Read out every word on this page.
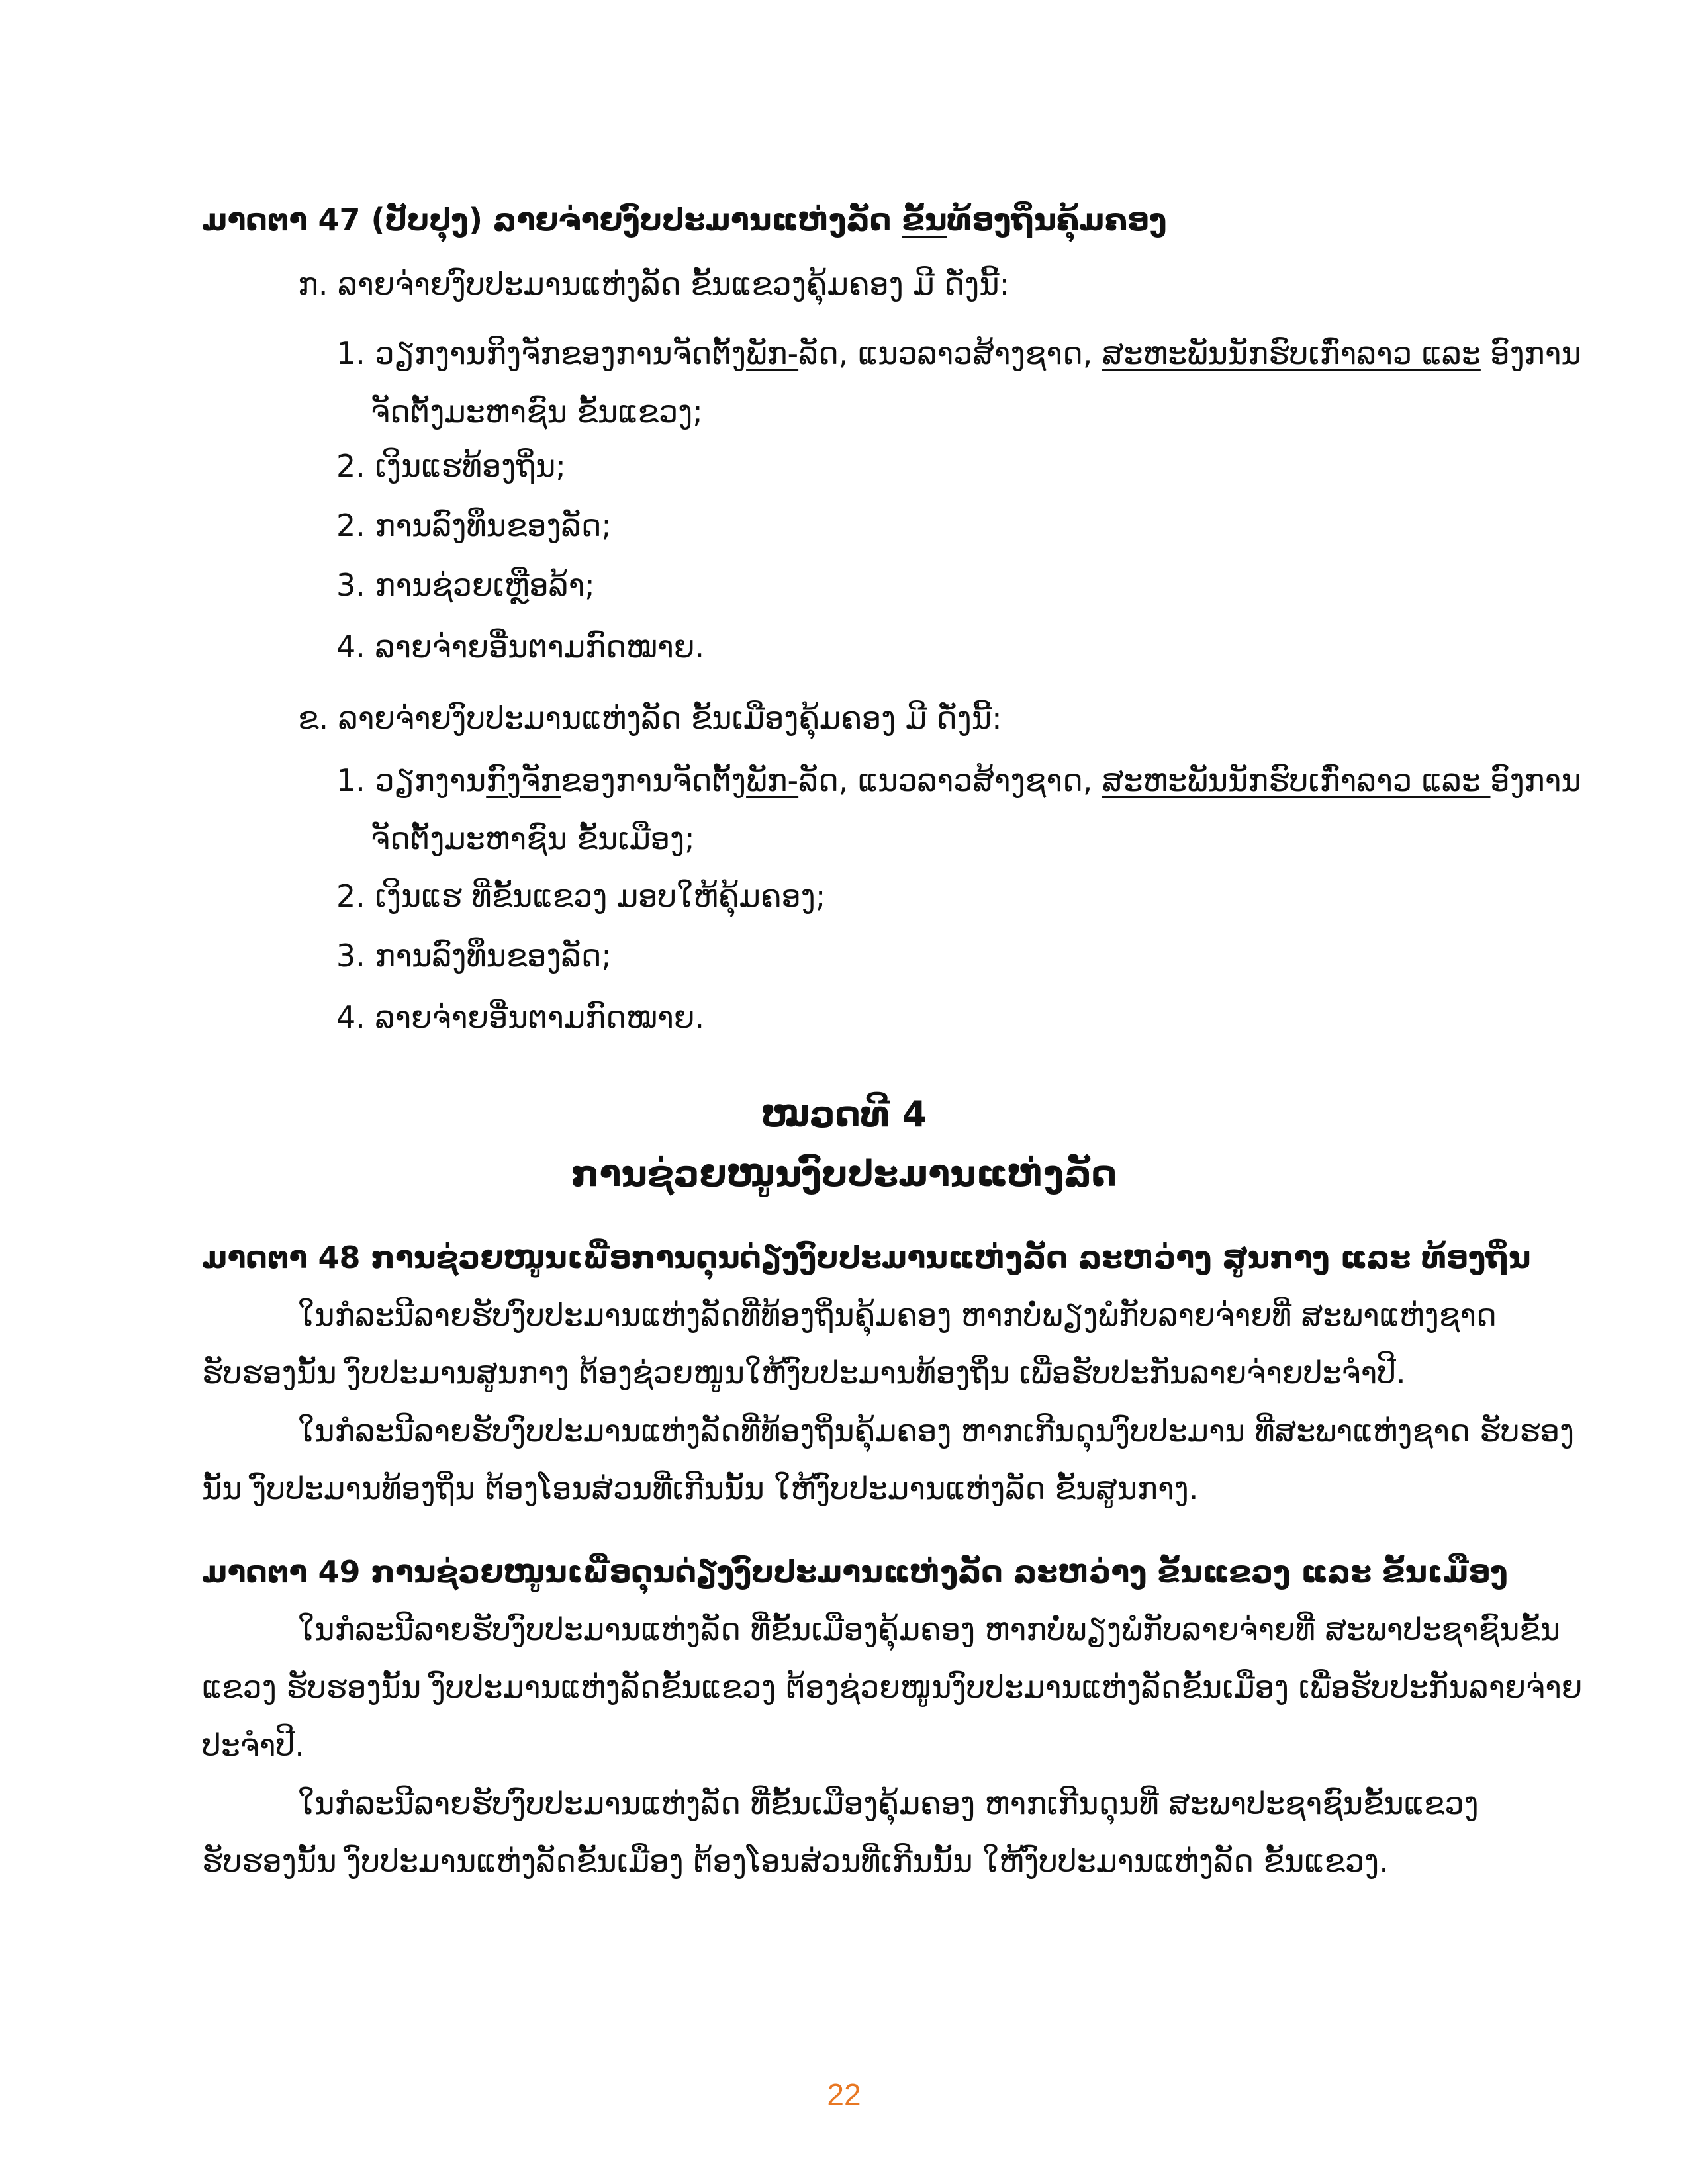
ມາດຕາ 47 (ປັບປຸງ) ລາຍຈ່າຍງົບປະມານແຫ່ງລັດ ຂັ້ນທ້ອງຖິ່ນຄຸ້ມຄອງ
ກ. ລາຍຈ່າຍງົບປະມານແຫ່ງລັດ ຂັ້ນແຂວງຄຸ້ມຄອງ ມີ ດັ່ງນີ້:
1. ວຽກງານກິງຈັກຂອງການຈັດຕັ້ງພັກ-ລັດ, ແນວລາວສ້າງຊາດ, ສະຫະພັນນັກຮົບເກົ່າລາວ ແລະ ອົງການ
ຈັດຕັ້ງມະຫາຊົນ ຂັ້ນແຂວງ;
2. ເງິນແຮທ້ອງຖິ່ນ;
2. ການລົງທຶນຂອງລັດ;
3. ການຊ່ວຍເຫຼືອລ້າ;
4. ລາຍຈ່າຍອື່ນຕາມກົດໝາຍ.
ຂ. ລາຍຈ່າຍງົບປະມານແຫ່ງລັດ ຂັ້ນເມືອງຄຸ້ມຄອງ ມີ ດັ່ງນີ້:
1. ວຽກງານກົງຈັກຂອງການຈັດຕັ້ງພັກ-ລັດ, ແນວລາວສ້າງຊາດ, ສະຫະພັນນັກຮົບເກົ່າລາວ ແລະ ອົງການ
ຈັດຕັ້ງມະຫາຊົນ ຂັ້ນເມືອງ;
2. ເງິນແຮ ທີ່ຂັ້ນແຂວງ ມອບໃຫ້ຄຸ້ມຄອງ;
3. ການລົງທຶນຂອງລັດ;
4. ລາຍຈ່າຍອື່ນຕາມກົດໝາຍ.
ໝວດທີ 4
ການຊ່ວຍໜູນງົບປະມານແຫ່ງລັດ
ມາດຕາ 48 ການຊ່ວຍໜູນເພື່ອການດຸນດ່ຽງງົບປະມານແຫ່ງລັດ ລະຫວ່າງ ສູນກາງ ແລະ ທ້ອງຖິ່ນ
ໃນກໍລະນີລາຍຮັບງົບປະມານແຫ່ງລັດທີ່ທ້ອງຖິ່ນຄຸ້ມຄອງ ຫາກບໍ່ພຽງພໍກັບລາຍຈ່າຍທີ່ ສະພາແຫ່ງຊາດ
ຮັບຮອງນັ້ນ ງົບປະມານສູນກາງ ຕ້ອງຊ່ວຍໜູນໃຫ້ງົບປະມານທ້ອງຖິ່ນ ເພື່ອຮັບປະກັນລາຍຈ່າຍປະຈໍາປີ.
ໃນກໍລະນີລາຍຮັບງົບປະມານແຫ່ງລັດທີ່ທ້ອງຖິ່ນຄຸ້ມຄອງ ຫາກເກີນດຸນງົບປະມານ ທີ່ສະພາແຫ່ງຊາດ ຮັບຮອງ
ນັ້ນ ງົບປະມານທ້ອງຖິ່ນ ຕ້ອງໂອນສ່ວນທີ່ເກີນນັ້ນ ໃຫ້ງົບປະມານແຫ່ງລັດ ຂັ້ນສູນກາງ.
ມາດຕາ 49 ການຊ່ວຍໜູນເພື່ອດຸນດ່ຽງງົບປະມານແຫ່ງລັດ ລະຫວ່າງ ຂັ້ນແຂວງ ແລະ ຂັ້ນເມືອງ
ໃນກໍລະນີລາຍຮັບງົບປະມານແຫ່ງລັດ ທີ່ຂັ້ນເມືອງຄຸ້ມຄອງ ຫາກບໍ່ພຽງພໍກັບລາຍຈ່າຍທີ່ ສະພາປະຊາຊົນຂັ້ນ
ແຂວງ ຮັບຮອງນັ້ນ ງົບປະມານແຫ່ງລັດຂັ້ນແຂວງ ຕ້ອງຊ່ວຍໜູນງົບປະມານແຫ່ງລັດຂັ້ນເມືອງ ເພື່ອຮັບປະກັນລາຍຈ່າຍ
ປະຈໍາປີ.
ໃນກໍລະນີລາຍຮັບງົບປະມານແຫ່ງລັດ ທີ່ຂັ້ນເມືອງຄຸ້ມຄອງ ຫາກເກີນດຸນທີ່ ສະພາປະຊາຊົນຂັ້ນແຂວງ
ຮັບຮອງນັ້ນ ງົບປະມານແຫ່ງລັດຂັ້ນເມືອງ ຕ້ອງໂອນສ່ວນທີ່ເກີນນັ້ນ ໃຫ້ງົບປະມານແຫ່ງລັດ ຂັ້ນແຂວງ.
22
